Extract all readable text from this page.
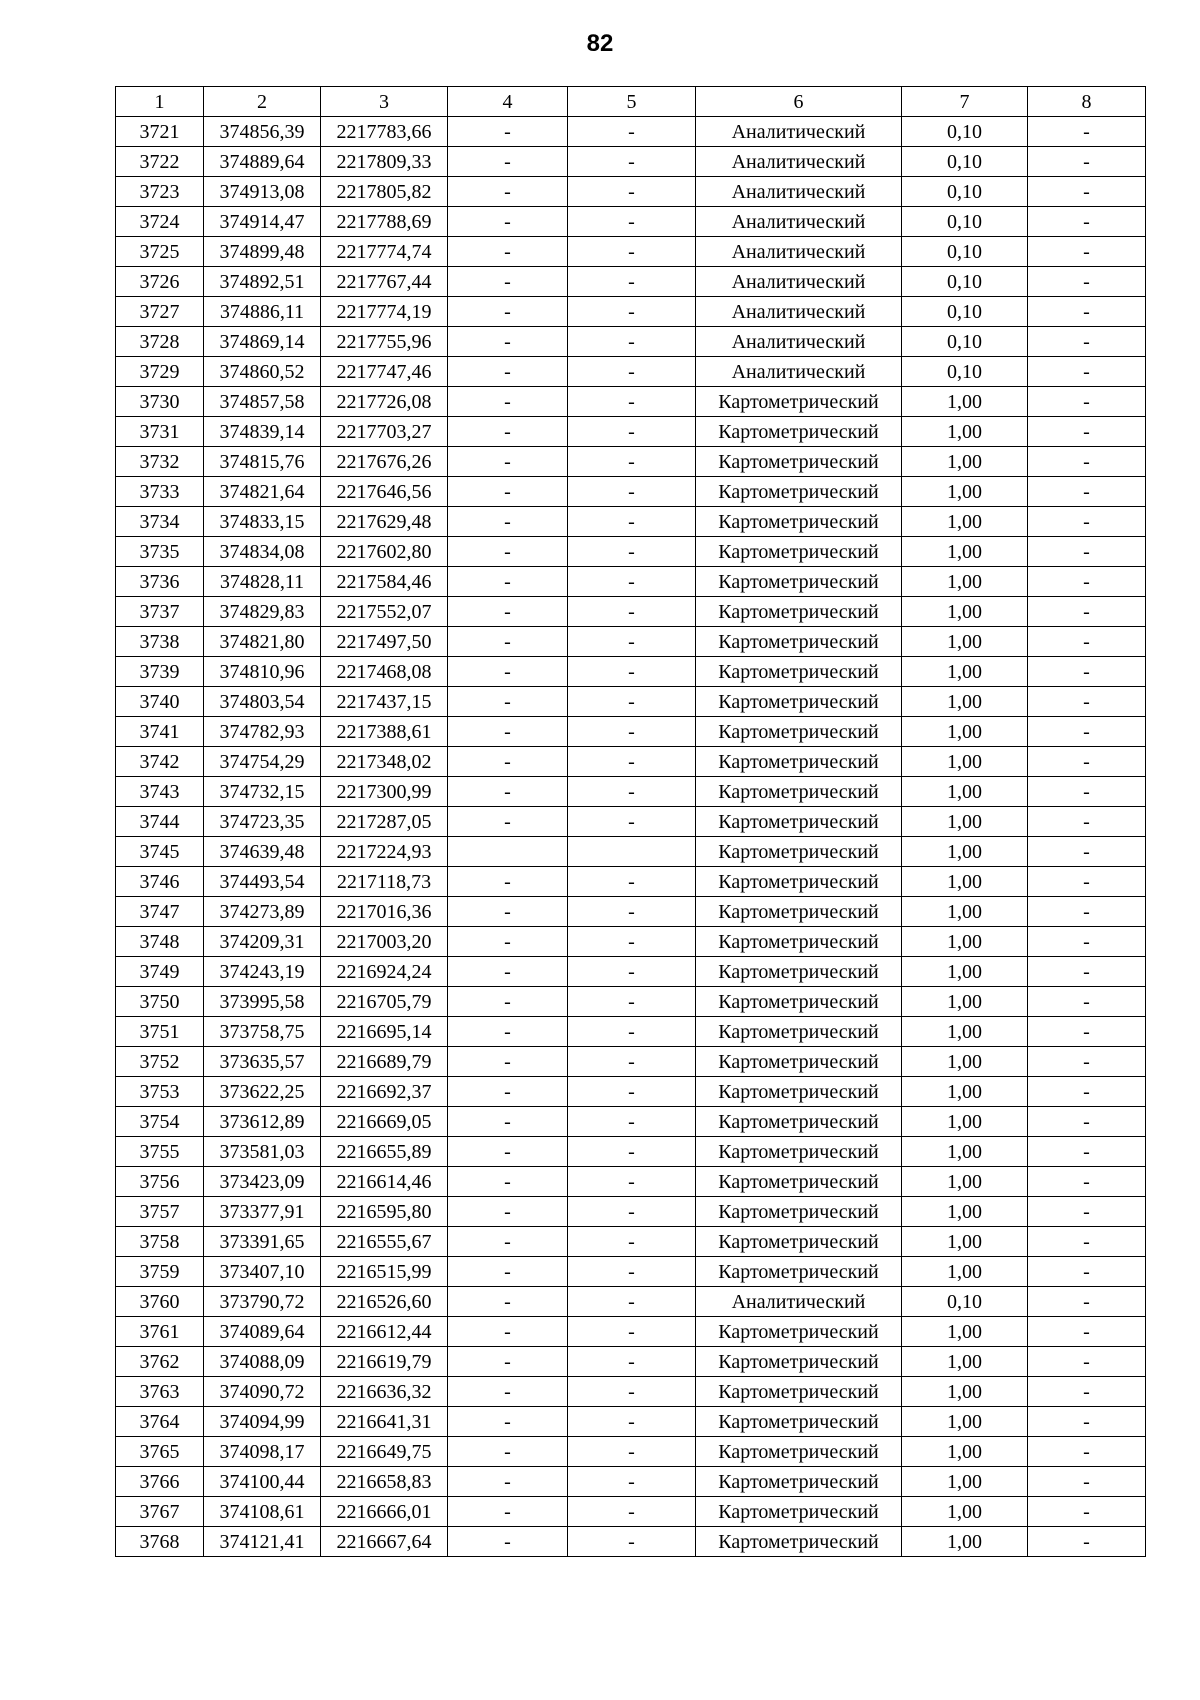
82
1	2	3	4	5	6	7	8
3721	374856,39	2217783,66	-	-	Аналитический	0,10	-
3722	374889,64	2217809,33	-	-	Аналитический	0,10	-
3723	374913,08	2217805,82	-	-	Аналитический	0,10	-
3724	374914,47	2217788,69	-	-	Аналитический	0,10	-
3725	374899,48	2217774,74	-	-	Аналитический	0,10	-
3726	374892,51	2217767,44	-	-	Аналитический	0,10	-
3727	374886,11	2217774,19	-	-	Аналитический	0,10	-
3728	374869,14	2217755,96	-	-	Аналитический	0,10	-
3729	374860,52	2217747,46	-	-	Аналитический	0,10	-
3730	374857,58	2217726,08	-	-	Картометрический	1,00	-
3731	374839,14	2217703,27	-	-	Картометрический	1,00	-
3732	374815,76	2217676,26	-	-	Картометрический	1,00	-
3733	374821,64	2217646,56	-	-	Картометрический	1,00	-
3734	374833,15	2217629,48	-	-	Картометрический	1,00	-
3735	374834,08	2217602,80	-	-	Картометрический	1,00	-
3736	374828,11	2217584,46	-	-	Картометрический	1,00	-
3737	374829,83	2217552,07	-	-	Картометрический	1,00	-
3738	374821,80	2217497,50	-	-	Картометрический	1,00	-
3739	374810,96	2217468,08	-	-	Картометрический	1,00	-
3740	374803,54	2217437,15	-	-	Картометрический	1,00	-
3741	374782,93	2217388,61	-	-	Картометрический	1,00	-
3742	374754,29	2217348,02	-	-	Картометрический	1,00	-
3743	374732,15	2217300,99	-	-	Картометрический	1,00	-
3744	374723,35	2217287,05	-	-	Картометрический	1,00	-
3745	374639,48	2217224,93			Картометрический	1,00	-
3746	374493,54	2217118,73	-	-	Картометрический	1,00	-
3747	374273,89	2217016,36	-	-	Картометрический	1,00	-
3748	374209,31	2217003,20	-	-	Картометрический	1,00	-
3749	374243,19	2216924,24	-	-	Картометрический	1,00	-
3750	373995,58	2216705,79	-	-	Картометрический	1,00	-
3751	373758,75	2216695,14	-	-	Картометрический	1,00	-
3752	373635,57	2216689,79	-	-	Картометрический	1,00	-
3753	373622,25	2216692,37	-	-	Картометрический	1,00	-
3754	373612,89	2216669,05	-	-	Картометрический	1,00	-
3755	373581,03	2216655,89	-	-	Картометрический	1,00	-
3756	373423,09	2216614,46	-	-	Картометрический	1,00	-
3757	373377,91	2216595,80	-	-	Картометрический	1,00	-
3758	373391,65	2216555,67	-	-	Картометрический	1,00	-
3759	373407,10	2216515,99	-	-	Картометрический	1,00	-
3760	373790,72	2216526,60	-	-	Аналитический	0,10	-
3761	374089,64	2216612,44	-	-	Картометрический	1,00	-
3762	374088,09	2216619,79	-	-	Картометрический	1,00	-
3763	374090,72	2216636,32	-	-	Картометрический	1,00	-
3764	374094,99	2216641,31	-	-	Картометрический	1,00	-
3765	374098,17	2216649,75	-	-	Картометрический	1,00	-
3766	374100,44	2216658,83	-	-	Картометрический	1,00	-
3767	374108,61	2216666,01	-	-	Картометрический	1,00	-
3768	374121,41	2216667,64	-	-	Картометрический	1,00	-
